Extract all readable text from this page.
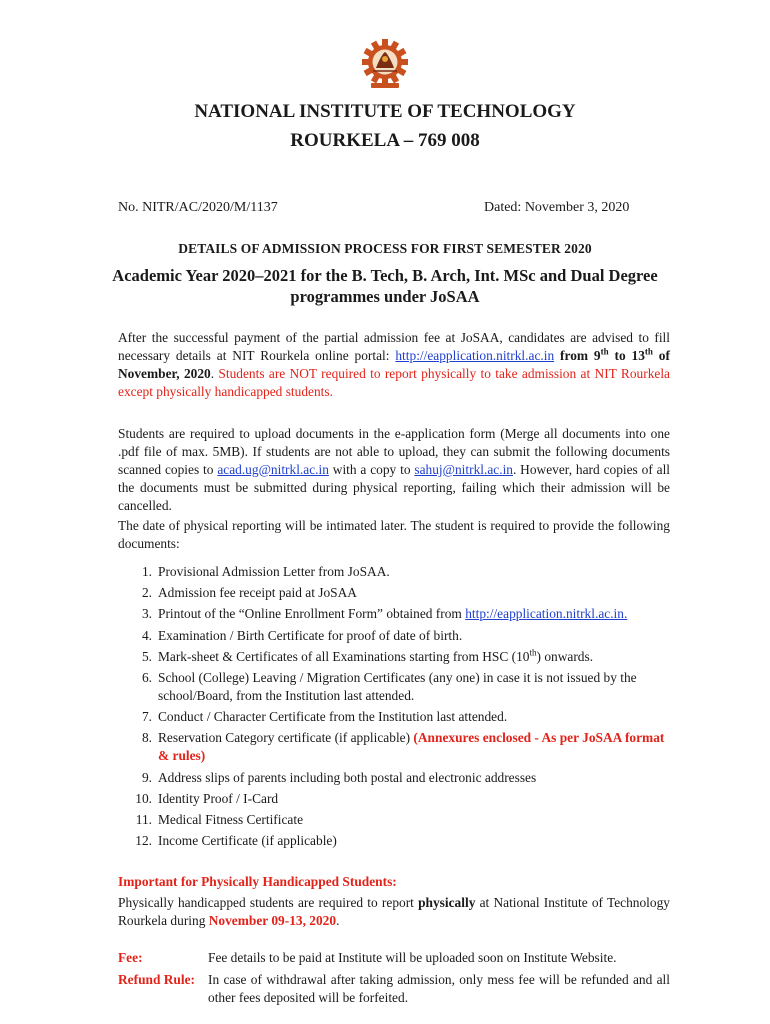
NATIONAL INSTITUTE OF TECHNOLOGY
ROURKELA – 769 008
No. NITR/AC/2020/M/1137	Dated: November 3, 2020
DETAILS OF ADMISSION PROCESS FOR FIRST SEMESTER 2020
Academic Year 2020–2021 for the B. Tech, B. Arch, Int. MSc and Dual Degree programmes under JoSAA
After the successful payment of the partial admission fee at JoSAA, candidates are advised to fill necessary details at NIT Rourkela online portal: http://eapplication.nitrkl.ac.in from 9th to 13th of November, 2020. Students are NOT required to report physically to take admission at NIT Rourkela except physically handicapped students.
Students are required to upload documents in the e-application form (Merge all documents into one .pdf file of max. 5MB). If students are not able to upload, they can submit the following documents scanned copies to acad.ug@nitrkl.ac.in with a copy to sahuj@nitrkl.ac.in. However, hard copies of all the documents must be submitted during physical reporting, failing which their admission will be cancelled.
The date of physical reporting will be intimated later. The student is required to provide the following documents:
1. Provisional Admission Letter from JoSAA.
2. Admission fee receipt paid at JoSAA
3. Printout of the “Online Enrollment Form” obtained from http://eapplication.nitrkl.ac.in.
4. Examination / Birth Certificate for proof of date of birth.
5. Mark-sheet & Certificates of all Examinations starting from HSC (10th) onwards.
6. School (College) Leaving / Migration Certificates (any one) in case it is not issued by the school/Board, from the Institution last attended.
7. Conduct / Character Certificate from the Institution last attended.
8. Reservation Category certificate (if applicable) (Annexures enclosed - As per JoSAA format & rules)
9. Address slips of parents including both postal and electronic addresses
10. Identity Proof / I-Card
11. Medical Fitness Certificate
12. Income Certificate (if applicable)
Important for Physically Handicapped Students:
Physically handicapped students are required to report physically at National Institute of Technology Rourkela during November 09-13, 2020.
Fee:	Fee details to be paid at Institute will be uploaded soon on Institute Website.
Refund Rule: In case of withdrawal after taking admission, only mess fee will be refunded and all other fees deposited will be forfeited.
